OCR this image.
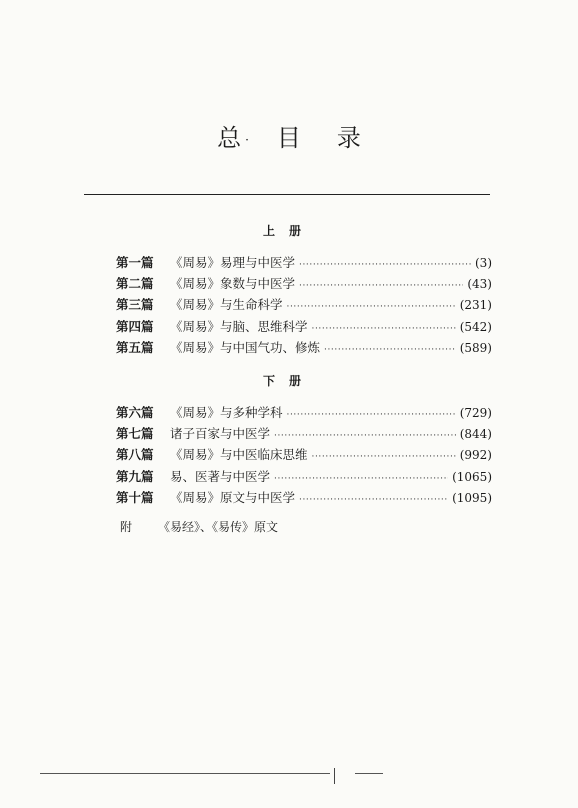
总 · 目 录
上册
第一篇	《周易》易理与中医学 ·····	(3)
第二篇	《周易》象数与中医学 ·····	(43)
第三篇	《周易》与生命科学 ·····	(231)
第四篇	《周易》与脑、思维科学 ·····	(542)
第五篇	《周易》与中国气功、修炼 ·····	(589)
下册
第六篇	《周易》与多种学科 ·····	(729)
第七篇	诸子百家与中医学 ·····	(844)
第八篇	《周易》与中医临床思维 ·····	(992)
第九篇	易、医著与中医学 ·····	(1065)
第十篇	《周易》原文与中医学 ·····	(1095)
附	《易经》、《易传》原文
